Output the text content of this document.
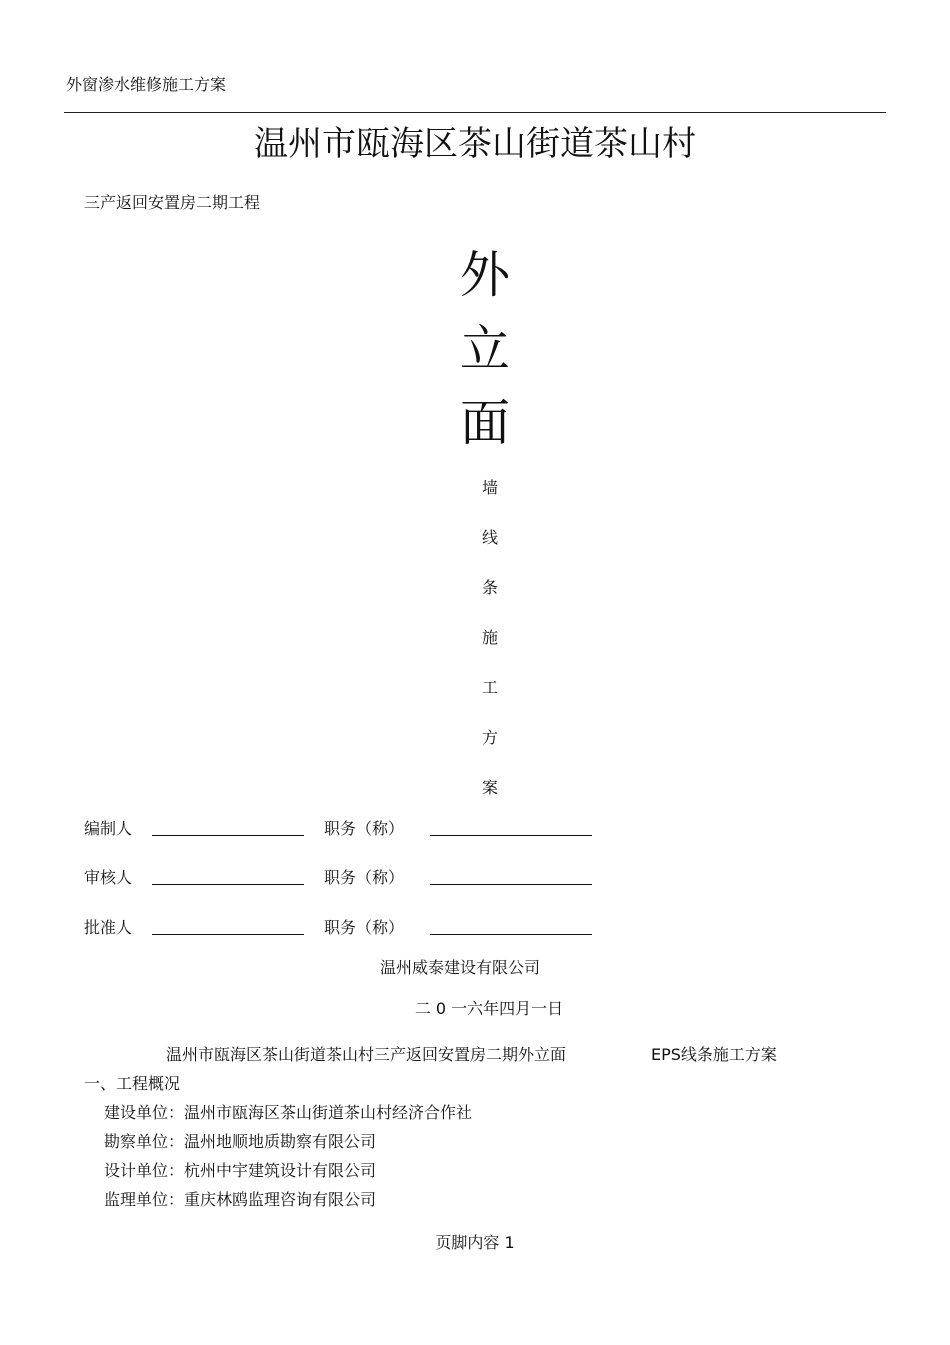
外窗渗水维修施工方案
温州市瓯海区茶山街道茶山村
三产返回安置房二期工程
外
立
面
墙
线
条
施
工
方
案
编制人	职务（称）
审核人	职务（称）
批准人	职务（称）
温州威泰建设有限公司
二 0 一六年四月一日
温州市瓯海区茶山街道茶山村三产返回安置房二期外立面	EPS线条施工方案
一、工程概况
建设单位：温州市瓯海区茶山街道茶山村经济合作社
勘察单位：温州地顺地质勘察有限公司
设计单位：杭州中宇建筑设计有限公司
监理单位：重庆林鸥监理咨询有限公司
页脚内容 1
